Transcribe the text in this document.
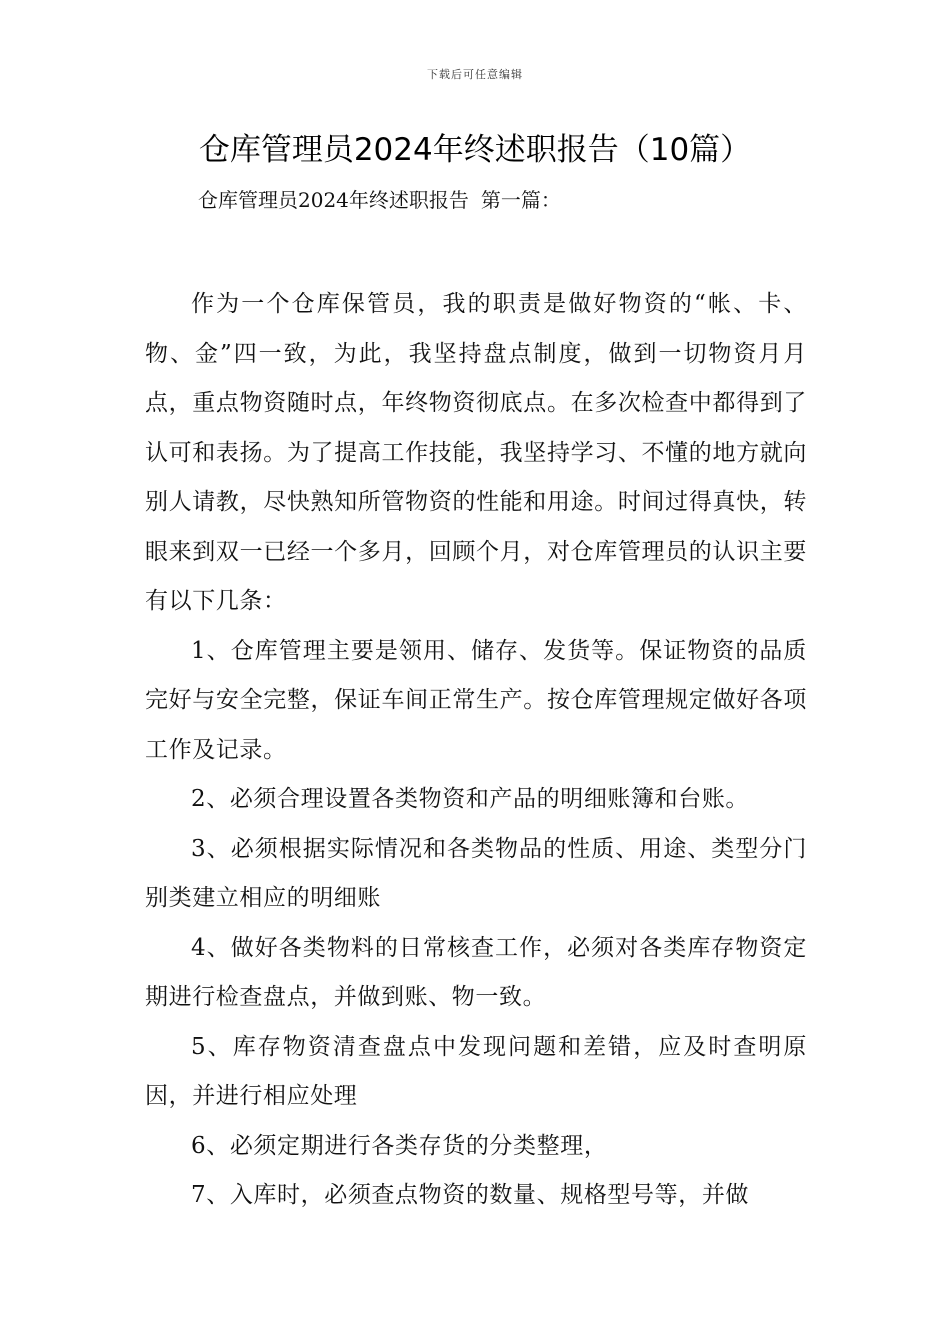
下载后可任意编辑
仓库管理员2024年终述职报告（10篇）
仓库管理员2024年终述职报告 第一篇：

作为一个仓库保管员，我的职责是做好物资的“帐、卡、物、金”四一致，为此，我坚持盘点制度，做到一切物资月月点，重点物资随时点，年终物资彻底点。在多次检查中都得到了认可和表扬。为了提高工作技能，我坚持学习、不懂的地方就向别人请教，尽快熟知所管物资的性能和用途。时间过得真快，转眼来到双一已经一个多月，回顾个月，对仓库管理员的认识主要有以下几条：

1、仓库管理主要是领用、储存、发货等。保证物资的品质完好与安全完整，保证车间正常生产。按仓库管理规定做好各项工作及记录。

2、必须合理设置各类物资和产品的明细账簿和台账。

3、必须根据实际情况和各类物品的性质、用途、类型分门别类建立相应的明细账

4、做好各类物料的日常核查工作，必须对各类库存物资定期进行检查盘点，并做到账、物一致。

5、库存物资清查盘点中发现问题和差错，应及时查明原因，并进行相应处理

6、必须定期进行各类存货的分类整理，

7、入库时，必须查点物资的数量、规格型号等，并做
